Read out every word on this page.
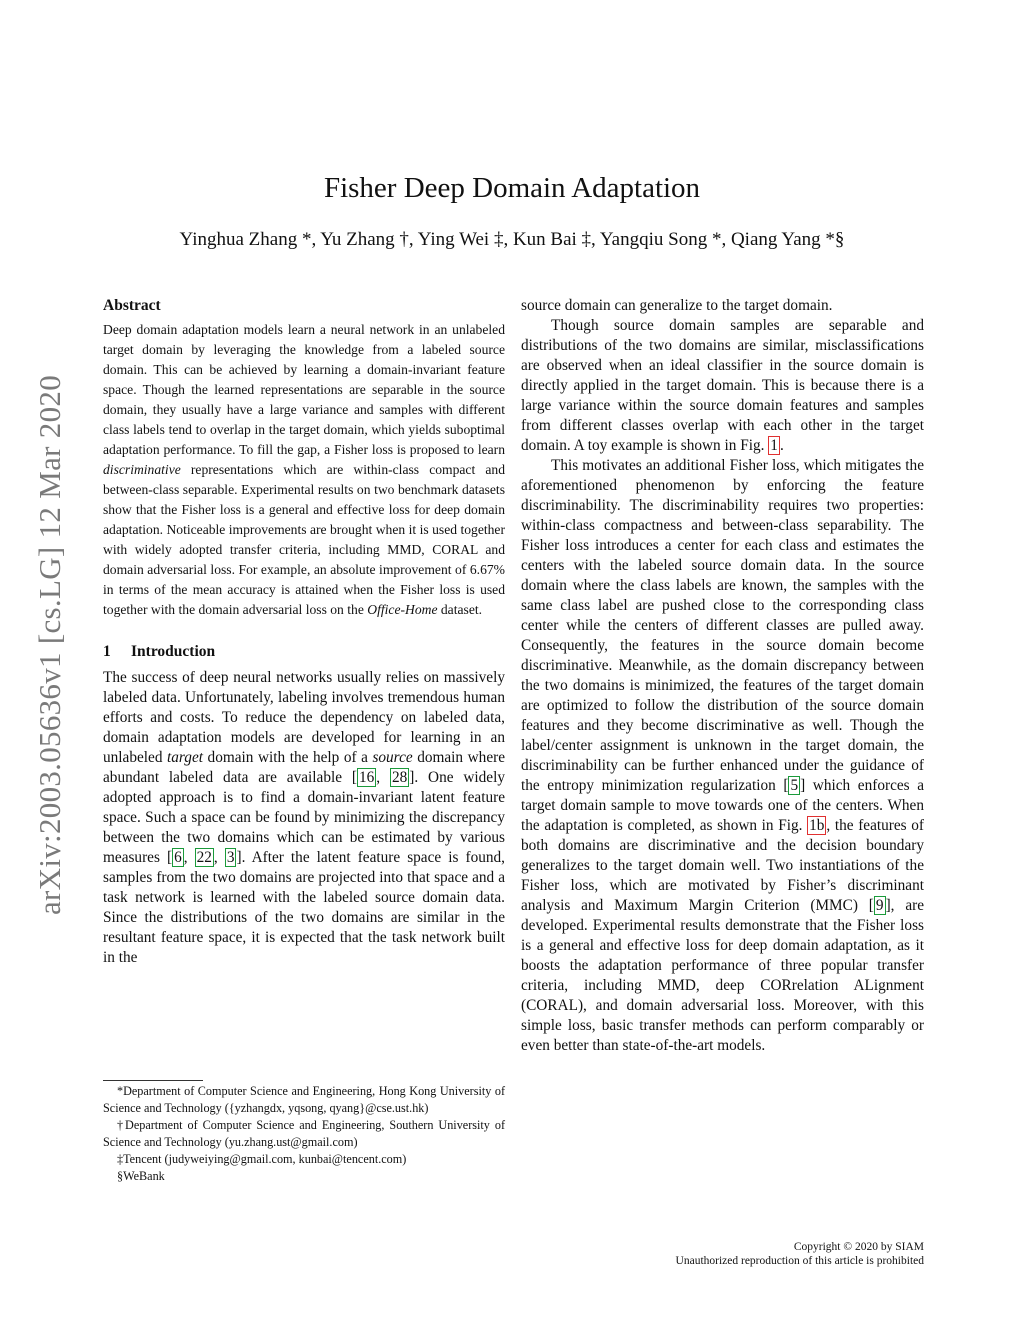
arXiv:2003.05636v1 [cs.LG] 12 Mar 2020
Fisher Deep Domain Adaptation
Yinghua Zhang *, Yu Zhang †, Ying Wei ‡, Kun Bai ‡, Yangqiu Song *, Qiang Yang *§
Abstract

Deep domain adaptation models learn a neural network in an unlabeled target domain by leveraging the knowledge from a labeled source domain. This can be achieved by learning a domain-invariant feature space. Though the learned representations are separable in the source domain, they usually have a large variance and samples with different class labels tend to overlap in the target domain, which yields suboptimal adaptation performance. To fill the gap, a Fisher loss is proposed to learn discriminative representations which are within-class compact and between-class separable. Experimental results on two benchmark datasets show that the Fisher loss is a general and effective loss for deep domain adaptation. Noticeable improvements are brought when it is used together with widely adopted transfer criteria, including MMD, CORAL and domain adversarial loss. For example, an absolute improvement of 6.67% in terms of the mean accuracy is attained when the Fisher loss is used together with the domain adversarial loss on the Office-Home dataset.

1 Introduction

The success of deep neural networks usually relies on massively labeled data. Unfortunately, labeling involves tremendous human efforts and costs. To reduce the dependency on labeled data, domain adaptation models are developed for learning in an unlabeled target domain with the help of a source domain where abundant labeled data are available [ 16 , 28 ]. One widely adopted approach is to find a domain-invariant latent feature space. Such a space can be found by minimizing the discrepancy between the two domains which can be estimated by various measures [ 6 , 22 , 3 ]. After the latent feature space is found, samples from the two domains are projected into that space and a task network is learned with the labeled source domain data. Since the distributions of the two domains are similar in the resultant feature space, it is expected that the task network built in the

source domain can generalize to the target domain.

Though source domain samples are separable and distributions of the two domains are similar, misclassifications are observed when an ideal classifier in the source domain is directly applied in the target domain. This is because there is a large variance within the source domain features and samples from different classes overlap with each other in the target domain. A toy example is shown in Fig. 1 .

This motivates an additional Fisher loss, which mitigates the aforementioned phenomenon by enforcing the feature discriminability. The discriminability requires two properties: within-class compactness and between-class separability. The Fisher loss introduces a center for each class and estimates the centers with the labeled source domain data. In the source domain where the class labels are known, the samples with the same class label are pushed close to the corresponding class center while the centers of different classes are pulled away. Consequently, the features in the source domain become discriminative. Meanwhile, as the domain discrepancy between the two domains is minimized, the features of the target domain are optimized to follow the distribution of the source domain features and they become discriminative as well. Though the label/center assignment is unknown in the target domain, the discriminability can be further enhanced under the guidance of the entropy minimization regularization [ 5 ] which enforces a target domain sample to move towards one of the centers. When the adaptation is completed, as shown in Fig. 1b , the features of both domains are discriminative and the decision boundary generalizes to the target domain well. Two instantiations of the Fisher loss, which are motivated by Fisher’s discriminant analysis and Maximum Margin Criterion (MMC) [ 9 ], are developed. Experimental results demonstrate that the Fisher loss is a general and effective loss for deep domain adaptation, as it boosts the adaptation performance of three popular transfer criteria, including MMD, deep CORrelation ALignment (CORAL), and domain adversarial loss. Moreover, with this simple loss, basic transfer methods can perform comparably or even better than state-of-the-art models.

*Department of Computer Science and Engineering, Hong Kong University of Science and Technology ({yzhangdx, yqsong, qyang}@cse.ust.hk)

†Department of Computer Science and Engineering, Southern University of Science and Technology (yu.zhang.ust@gmail.com)

‡Tencent (judyweiying@gmail.com, kunbai@tencent.com)

§WeBank

Copyright © 2020 by SIAM
Unauthorized reproduction of this article is prohibited
